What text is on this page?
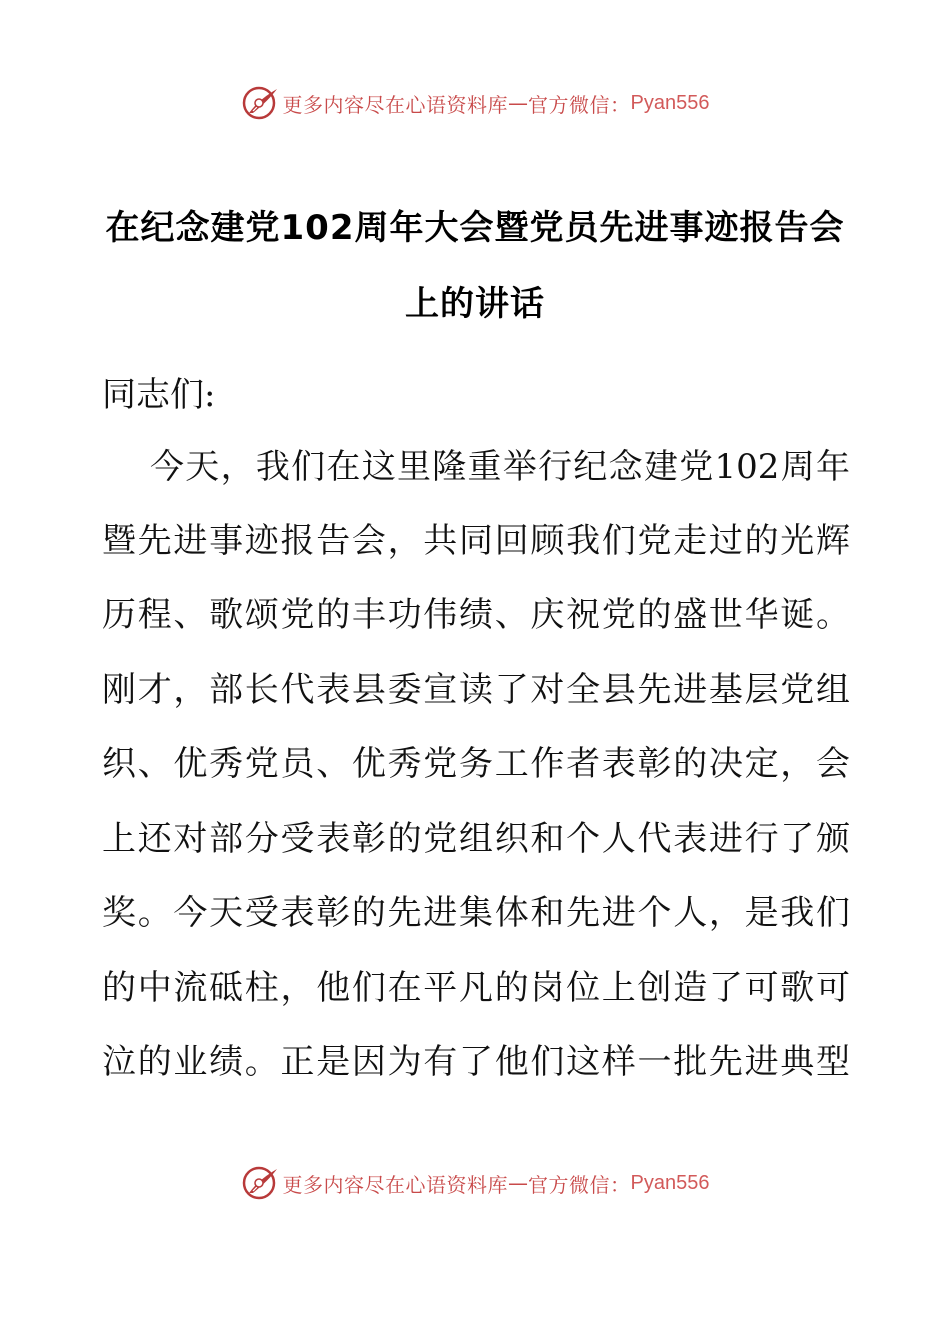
更多内容尽在心语资料库 — 官方微信： Pyan556
在纪念建党102周年大会暨党员先进事迹报告会
上的讲话
同志们:
今天，我们在这里隆重举行纪念建党102周年
暨先进事迹报告会，共同回顾我们党走过的光辉
历程、歌颂党的丰功伟绩、庆祝党的盛世华诞。
刚才，部长代表县委宣读了对全县先进基层党组
织、优秀党员、优秀党务工作者表彰的决定，会
上还对部分受表彰的党组织和个人代表进行了颁
奖。今天受表彰的先进集体和先进个人，是我们
的中流砥柱，他们在平凡的岗位上创造了可歌可
泣的业绩。正是因为有了他们这样一批先进典型
更多内容尽在心语资料库 — 官方微信： Pyan556
